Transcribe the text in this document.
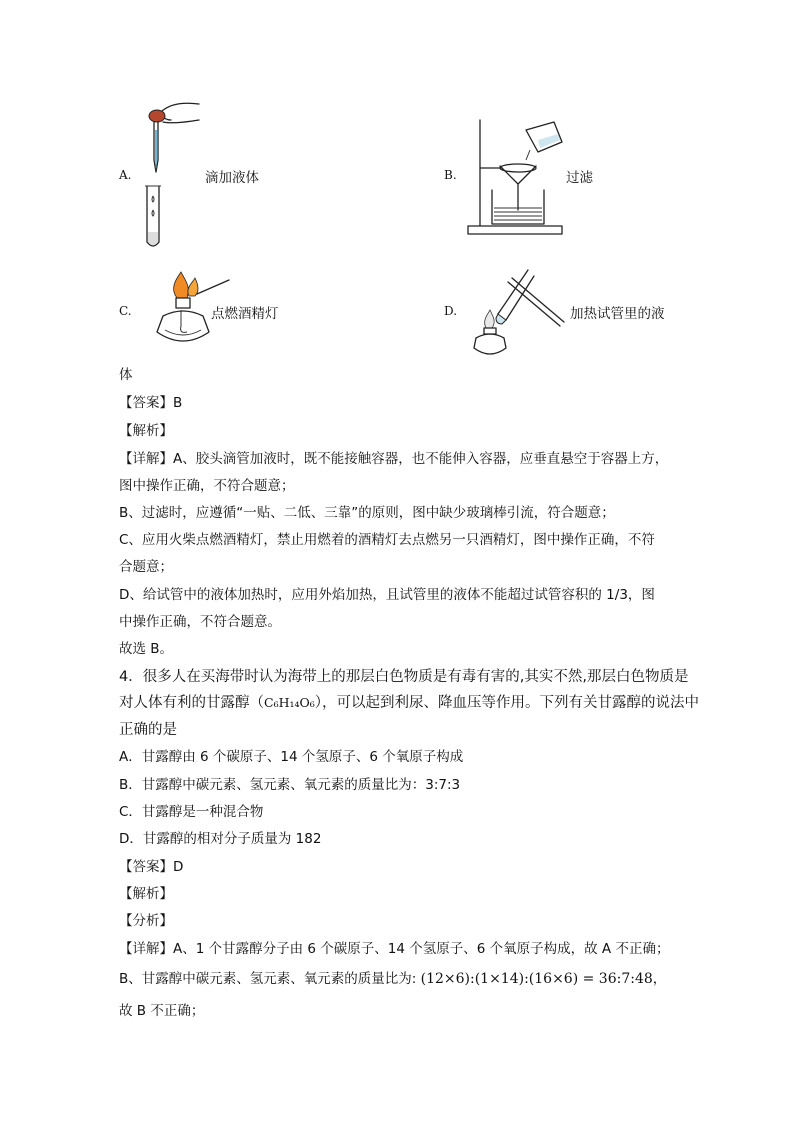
A.	滴加液体	B.	过滤
C.	点燃酒精灯	D.	加热试管里的液
体
【答案】B
【解析】
【详解】A、胶头滴管加液时，既不能接触容器，也不能伸入容器，应垂直悬空于容器上方，
图中操作正确，不符合题意；
B、过滤时，应遵循“一贴、二低、三靠”的原则，图中缺少玻璃棒引流，符合题意；
C、应用火柴点燃酒精灯，禁止用燃着的酒精灯去点燃另一只酒精灯，图中操作正确，不符
合题意；
D、给试管中的液体加热时，应用外焰加热，且试管里的液体不能超过试管容积的 1/3，图
中操作正确，不符合题意。
故选 B。
4．很多人在买海带时认为海带上的那层白色物质是有毒有害的,其实不然,那层白色物质是
对人体有利的甘露醇（C₆H₁₄O₆），可以起到利尿、降血压等作用。下列有关甘露醇的说法中
正确的是
A．甘露醇由 6 个碳原子、14 个氢原子、6 个氧原子构成
B．甘露醇中碳元素、氢元素、氧元素的质量比为：3:7:3
C．甘露醇是一种混合物
D．甘露醇的相对分子质量为 182
【答案】D
【解析】
【分析】
【详解】A、1 个甘露醇分子由 6 个碳原子、14 个氢原子、6 个氧原子构成，故 A 不正确；
B、甘露醇中碳元素、氢元素、氧元素的质量比为: (12×6):(1×14):(16×6) = 36:7:48，
故 B 不正确；
